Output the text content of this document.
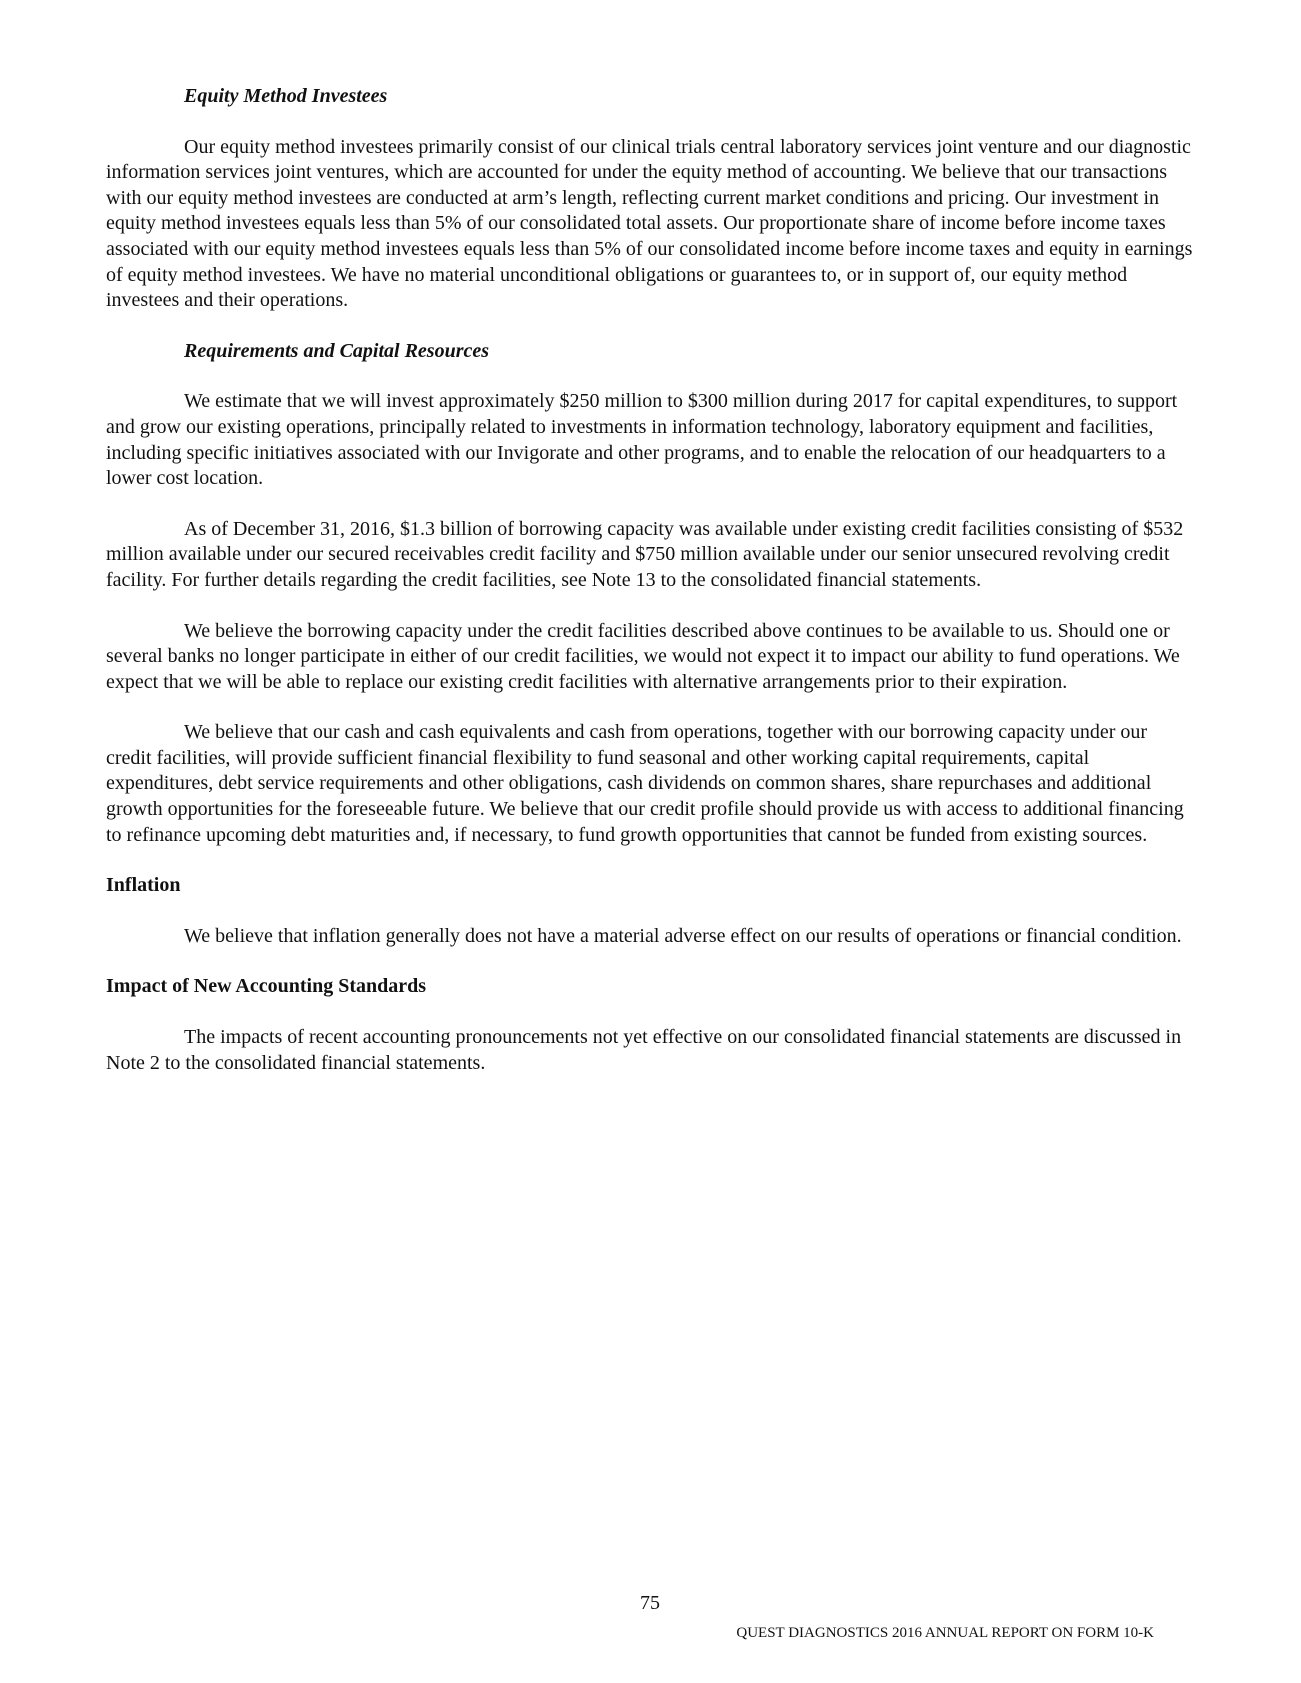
Equity Method Investees

Our equity method investees primarily consist of our clinical trials central laboratory services joint venture and our diagnostic information services joint ventures, which are accounted for under the equity method of accounting. We believe that our transactions with our equity method investees are conducted at arm’s length, reflecting current market conditions and pricing. Our investment in equity method investees equals less than 5% of our consolidated total assets. Our proportionate share of income before income taxes associated with our equity method investees equals less than 5% of our consolidated income before income taxes and equity in earnings of equity method investees. We have no material unconditional obligations or guarantees to, or in support of, our equity method investees and their operations.

Requirements and Capital Resources

We estimate that we will invest approximately $250 million to $300 million during 2017 for capital expenditures, to support and grow our existing operations, principally related to investments in information technology, laboratory equipment and facilities, including specific initiatives associated with our Invigorate and other programs, and to enable the relocation of our headquarters to a lower cost location.

As of December 31, 2016, $1.3 billion of borrowing capacity was available under existing credit facilities consisting of $532 million available under our secured receivables credit facility and $750 million available under our senior unsecured revolving credit facility. For further details regarding the credit facilities, see Note 13 to the consolidated financial statements.

We believe the borrowing capacity under the credit facilities described above continues to be available to us. Should one or several banks no longer participate in either of our credit facilities, we would not expect it to impact our ability to fund operations. We expect that we will be able to replace our existing credit facilities with alternative arrangements prior to their expiration.

We believe that our cash and cash equivalents and cash from operations, together with our borrowing capacity under our credit facilities, will provide sufficient financial flexibility to fund seasonal and other working capital requirements, capital expenditures, debt service requirements and other obligations, cash dividends on common shares, share repurchases and additional growth opportunities for the foreseeable future. We believe that our credit profile should provide us with access to additional financing to refinance upcoming debt maturities and, if necessary, to fund growth opportunities that cannot be funded from existing sources.

Inflation

We believe that inflation generally does not have a material adverse effect on our results of operations or financial condition.

Impact of New Accounting Standards

The impacts of recent accounting pronouncements not yet effective on our consolidated financial statements are discussed in Note 2 to the consolidated financial statements.

75
QUEST DIAGNOSTICS 2016 ANNUAL REPORT ON FORM 10-K
